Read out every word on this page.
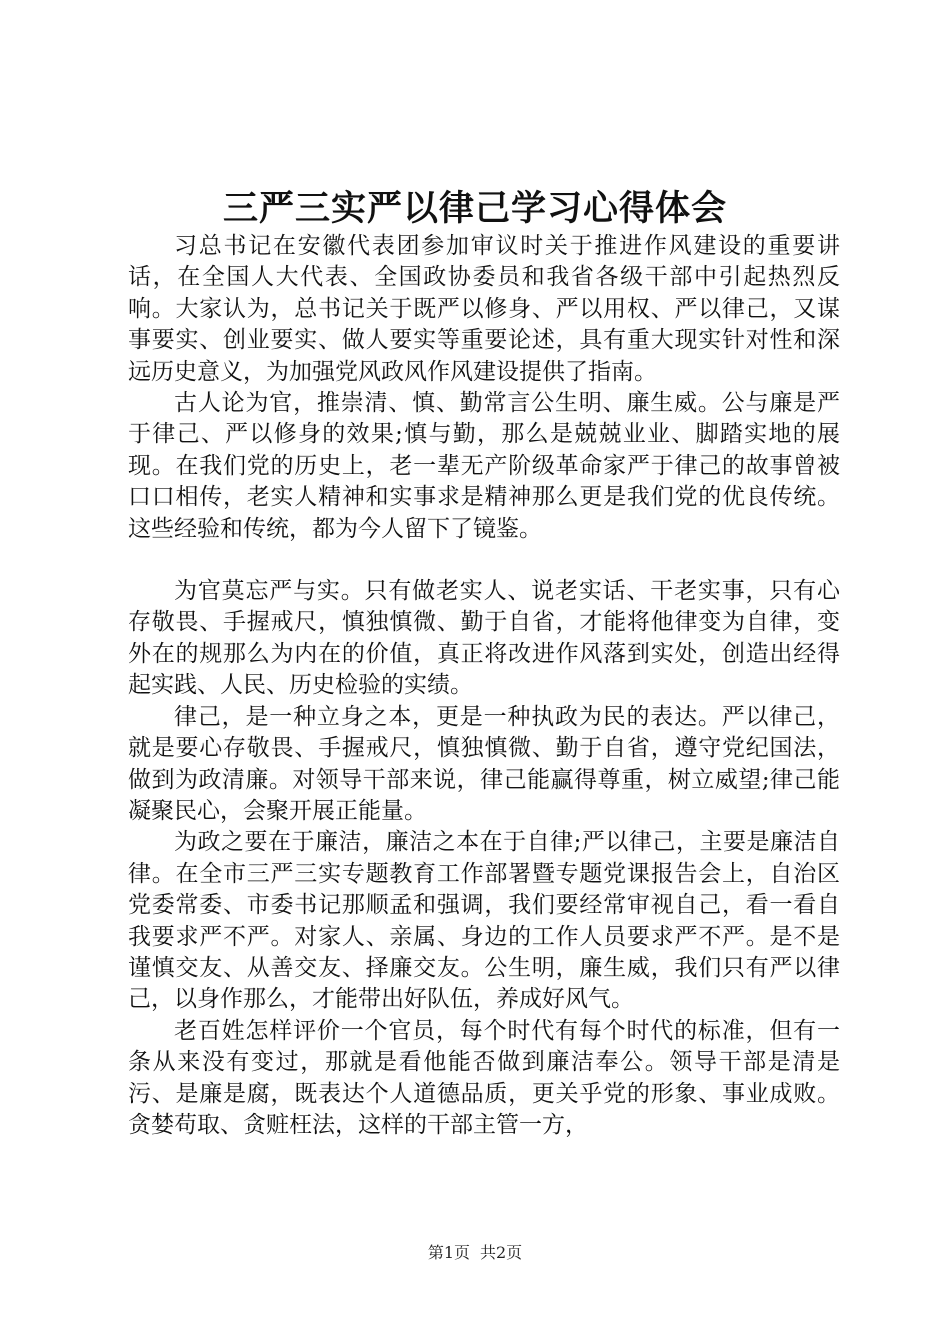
三严三实严以律己学习心得体会

习总书记在安徽代表团参加审议时关于推进作风建设的重要讲话，在全国人大代表、全国政协委员和我省各级干部中引起热烈反响。大家认为，总书记关于既严以修身、严以用权、严以律己，又谋事要实、创业要实、做人要实等重要论述，具有重大现实针对性和深远历史意义，为加强党风政风作风建设提供了指南。

古人论为官，推崇清、慎、勤常言公生明、廉生威。公与廉是严于律己、严以修身的效果;慎与勤，那么是兢兢业业、脚踏实地的展现。在我们党的历史上，老一辈无产阶级革命家严于律己的故事曾被口口相传，老实人精神和实事求是精神那么更是我们党的优良传统。这些经验和传统，都为今人留下了镜鉴。

为官莫忘严与实。只有做老实人、说老实话、干老实事，只有心存敬畏、手握戒尺，慎独慎微、勤于自省，才能将他律变为自律，变外在的规那么为内在的价值，真正将改进作风落到实处，创造出经得起实践、人民、历史检验的实绩。

律己，是一种立身之本，更是一种执政为民的表达。严以律己，就是要心存敬畏、手握戒尺，慎独慎微、勤于自省，遵守党纪国法，做到为政清廉。对领导干部来说，律己能赢得尊重，树立威望;律己能凝聚民心，会聚开展正能量。

为政之要在于廉洁，廉洁之本在于自律;严以律己，主要是廉洁自律。在全市三严三实专题教育工作部署暨专题党课报告会上，自治区党委常委、市委书记那顺孟和强调，我们要经常审视自己，看一看自我要求严不严。对家人、亲属、身边的工作人员要求严不严。是不是谨慎交友、从善交友、择廉交友。公生明，廉生威，我们只有严以律己，以身作那么，才能带出好队伍，养成好风气。

老百姓怎样评价一个官员，每个时代有每个时代的标准，但有一条从来没有变过，那就是看他能否做到廉洁奉公。领导干部是清是污、是廉是腐，既表达个人道德品质，更关乎党的形象、事业成败。贪婪苟取、贪赃枉法，这样的干部主管一方，

第1页 共2页
